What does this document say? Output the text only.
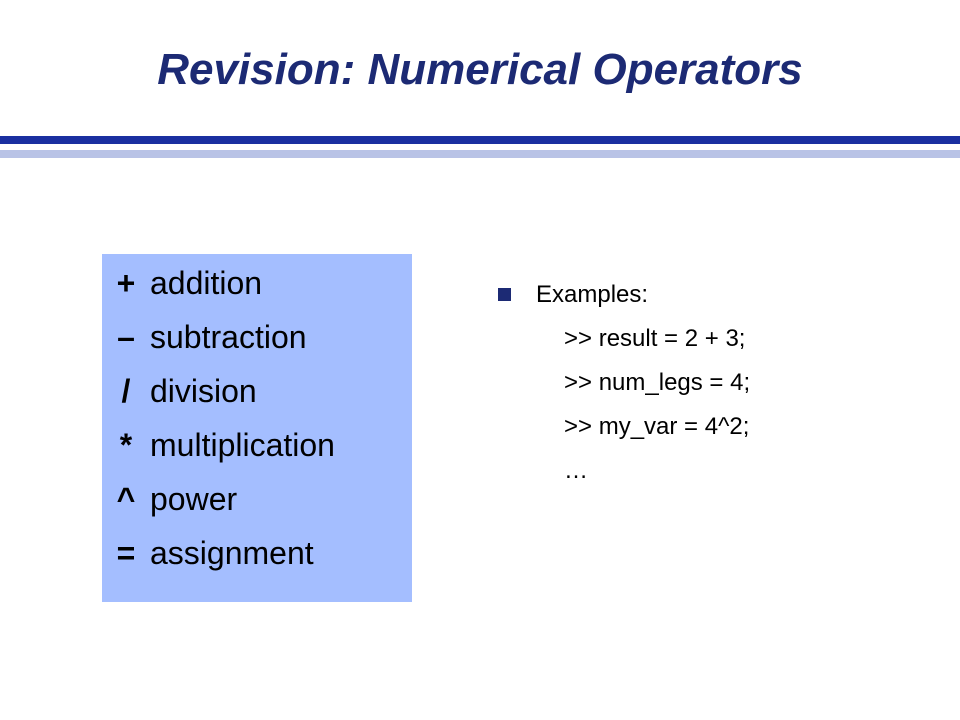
Revision: Numerical Operators
+ addition
– subtraction
/ division
* multiplication
^ power
= assignment
Examples:
>> result = 2 + 3;
>> num_legs = 4;
>> my_var = 4^2;
…
